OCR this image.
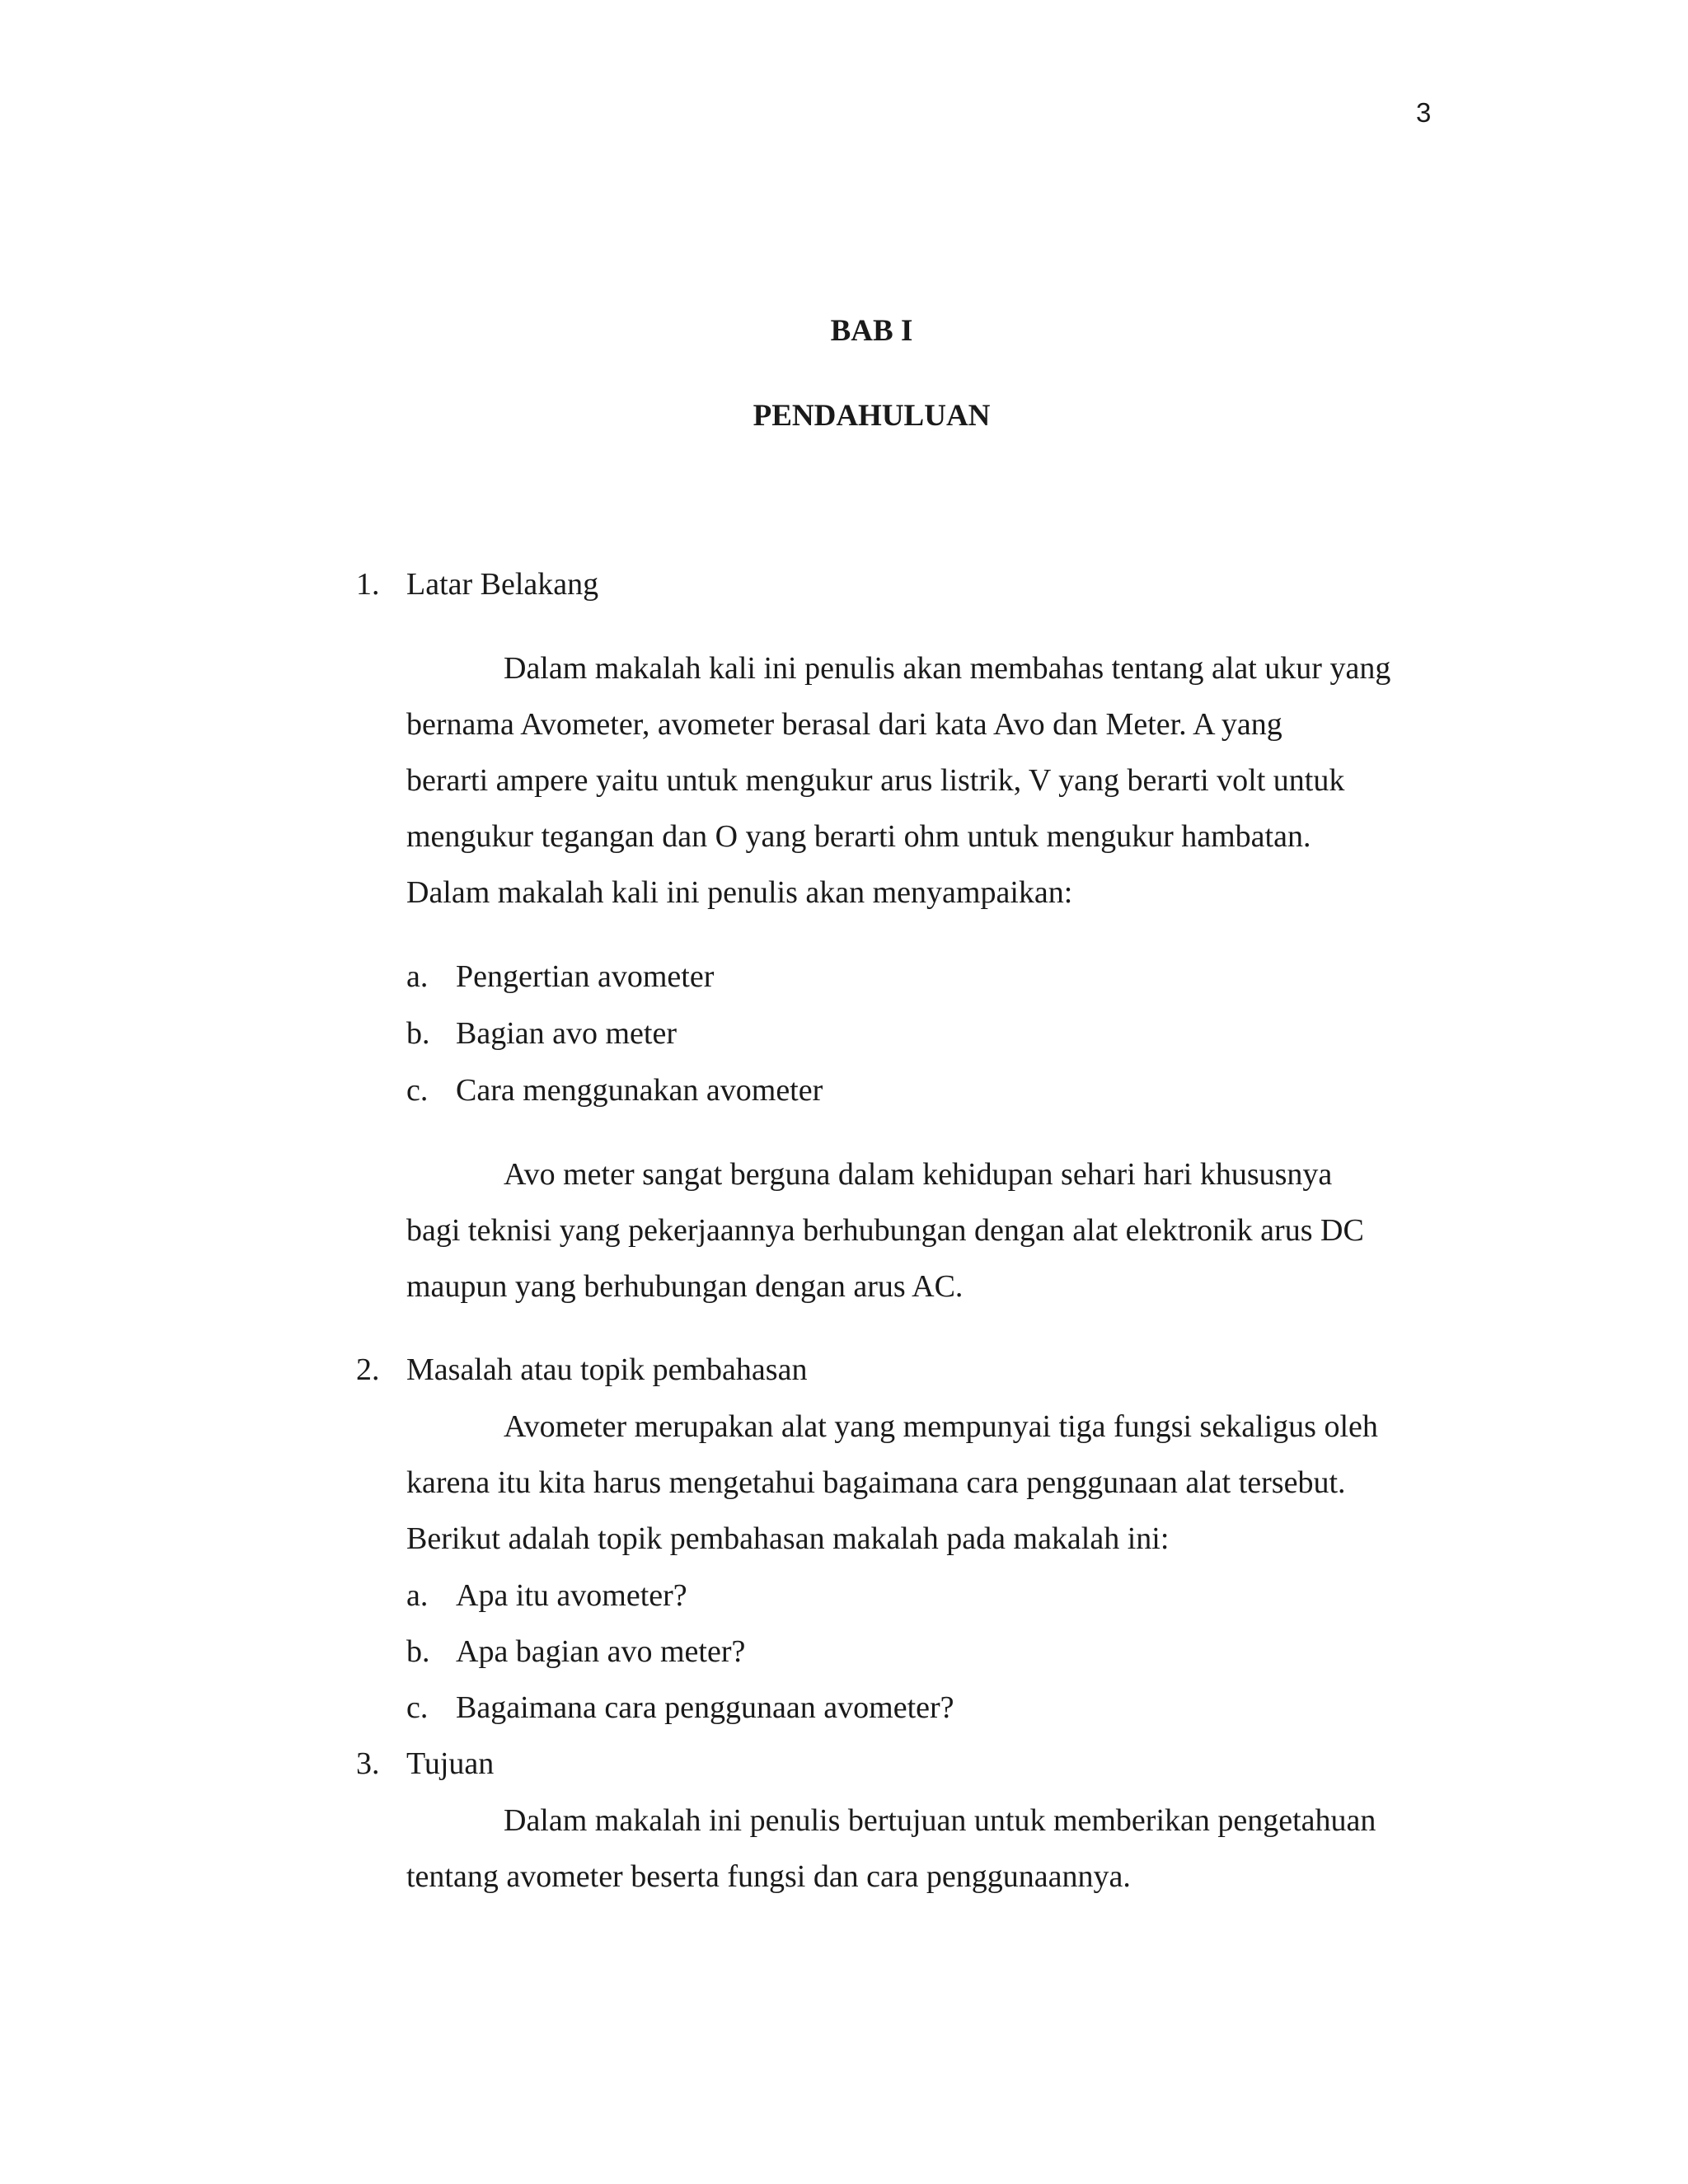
3
BAB I
PENDAHULUAN
1. Latar Belakang
Dalam makalah kali ini penulis akan membahas tentang alat ukur yang
bernama Avometer, avometer berasal dari kata Avo dan Meter. A yang
berarti ampere yaitu untuk mengukur arus listrik, V yang berarti volt untuk
mengukur tegangan dan O yang berarti ohm untuk mengukur hambatan.
Dalam makalah kali ini penulis akan menyampaikan:
a. Pengertian avometer
b. Bagian avo meter
c. Cara menggunakan avometer
Avo meter sangat berguna dalam kehidupan sehari hari khususnya
bagi teknisi yang pekerjaannya berhubungan dengan alat elektronik arus DC
maupun yang berhubungan dengan arus AC.
2. Masalah atau topik pembahasan
Avometer merupakan alat yang mempunyai tiga fungsi sekaligus oleh
karena itu kita harus mengetahui bagaimana cara penggunaan alat tersebut.
Berikut adalah topik pembahasan makalah pada makalah ini:
a. Apa itu avometer?
b. Apa bagian avo meter?
c. Bagaimana cara penggunaan avometer?
3. Tujuan
Dalam makalah ini penulis bertujuan untuk memberikan pengetahuan
tentang avometer beserta fungsi dan cara penggunaannya.
